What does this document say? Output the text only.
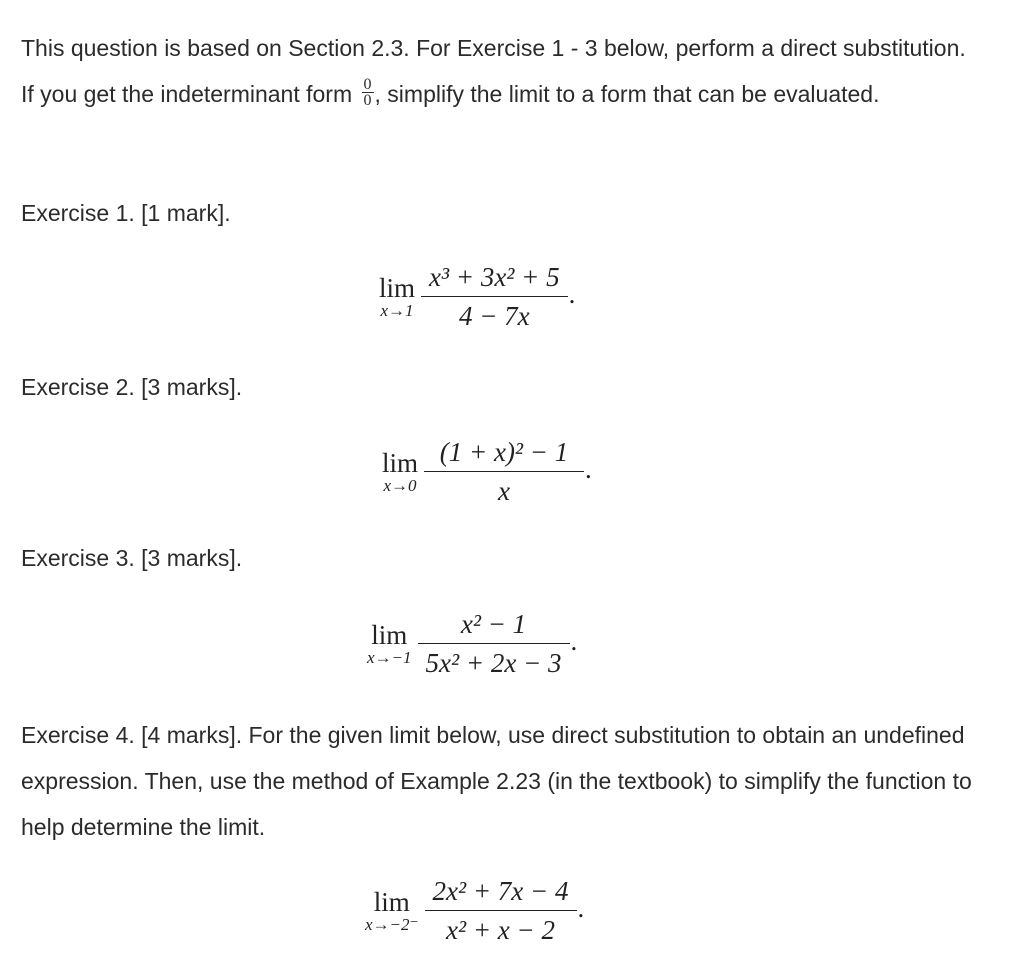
This question is based on Section 2.3. For Exercise 1 - 3 below, perform a direct substitution. If you get the indeterminant form $\frac{0}{0}$ , simplify the limit to a form that can be evaluated.

Exercise 1. [1 mark].

lim
$x\to 1 \frac{\text{x³ + 3x² + 5}}{4 - 7x}$ .

Exercise 2. [3 marks].

lim
$x\to 0 \frac{\text{(1 + x)² − 1}}{x}$ .

Exercise 3. [3 marks].

lim
$x\to-1 \frac{\text{x² − 1}}{\text{5x² + 2x − 3}}$ .

Exercise 4. [4 marks]. For the given limit below, use direct substitution to obtain an undefined expression. Then, use the method of Example 2.23 (in the textbook) to simplify the function to help determine the limit.

lim
$x\to-2^- \frac{\text{2x² + 7x − 4}}{\text{x² + x − 2}}$ .
